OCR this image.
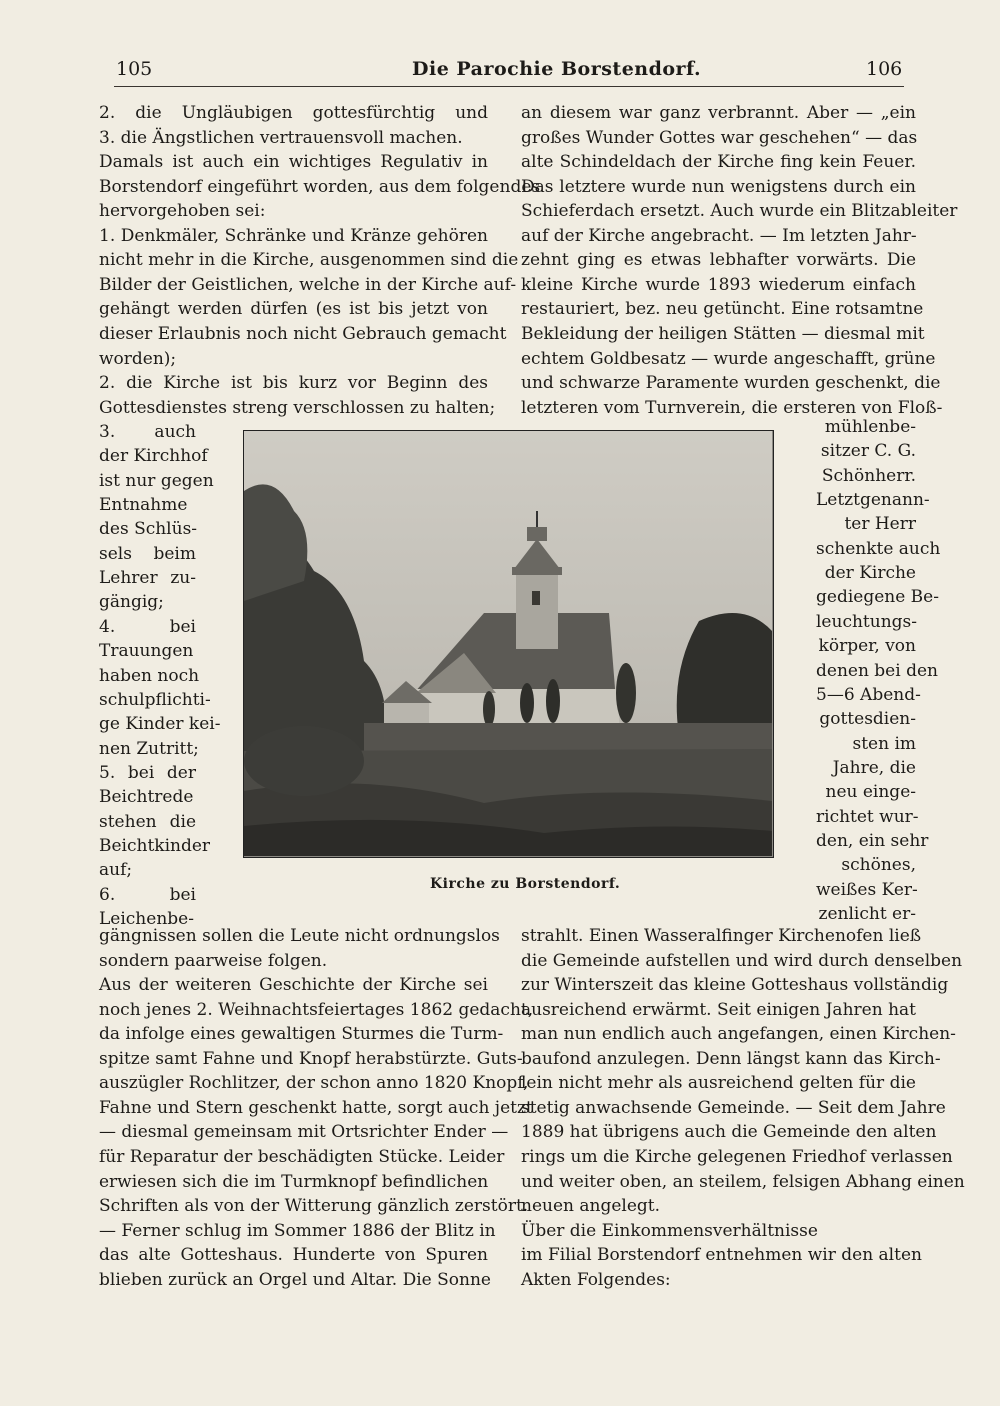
105	Die Parochie Borstendorf.	106
2. die Ungläubigen gottesfürchtig und
3. die Ängstlichen vertrauensvoll machen.
Damals ist auch ein wichtiges Regulativ in
Borstendorf eingeführt worden, aus dem folgendes
hervorgehoben sei:
1. Denkmäler, Schränke und Kränze gehören
nicht mehr in die Kirche, ausgenommen sind die
Bilder der Geistlichen, welche in der Kirche auf-
gehängt werden dürfen (es ist bis jetzt von
dieser Erlaubnis noch nicht Gebrauch gemacht
worden);
2. die Kirche ist bis kurz vor Beginn des
Gottesdienstes streng verschlossen zu halten;
3. auch
der Kirchhof
ist nur gegen
Entnahme
des Schlüs-
sels beim
Lehrer zu-
gängig;
4. bei
Trauungen
haben noch
schulpflichti-
ge Kinder kei-
nen Zutritt;
5. bei der
Beichtrede
stehen die
Beichtkinder
auf;
6. bei
Leichenbe-
gängnissen sollen die Leute nicht ordnungslos
sondern paarweise folgen.
Aus der weiteren Geschichte der Kirche sei
noch jenes 2. Weihnachtsfeiertages 1862 gedacht,
da infolge eines gewaltigen Sturmes die Turm-
spitze samt Fahne und Knopf herabstürzte. Guts-
auszügler Rochlitzer, der schon anno 1820 Knopf,
Fahne und Stern geschenkt hatte, sorgt auch jetzt
— diesmal gemeinsam mit Ortsrichter Ender —
für Reparatur der beschädigten Stücke. Leider
erwiesen sich die im Turmknopf befindlichen
Schriften als von der Witterung gänzlich zerstört.
— Ferner schlug im Sommer 1886 der Blitz in
das alte Gotteshaus. Hunderte von Spuren
blieben zurück an Orgel und Altar. Die Sonne
an diesem war ganz verbrannt. Aber — „ein
großes Wunder Gottes war geschehen“ — das
alte Schindeldach der Kirche fing kein Feuer.
Das letztere wurde nun wenigstens durch ein
Schieferdach ersetzt. Auch wurde ein Blitzableiter
auf der Kirche angebracht. — Im letzten Jahr-
zehnt ging es etwas lebhafter vorwärts. Die
kleine Kirche wurde 1893 wiederum einfach
restauriert, bez. neu getüncht. Eine rotsamtne
Bekleidung der heiligen Stätten — diesmal mit
echtem Goldbesatz — wurde angeschafft, grüne
und schwarze Paramente wurden geschenkt, die
letzteren vom Turnverein, die ersteren von Floß-
mühlenbe-
sitzer C. G.
Schönherr.
Letztgenann-
ter Herr
schenkte auch
der Kirche
gediegene Be-
leuchtungs-
körper, von
denen bei den
5—6 Abend-
gottesdien-
sten im
Jahre, die
neu einge-
richtet wur-
den, ein sehr
schönes,
weißes Ker-
zenlicht er-
strahlt. Einen Wasseralfinger Kirchenofen ließ
die Gemeinde aufstellen und wird durch denselben
zur Winterszeit das kleine Gotteshaus vollständig
ausreichend erwärmt. Seit einigen Jahren hat
man nun endlich auch angefangen, einen Kirchen-
baufond anzulegen. Denn längst kann das Kirch-
lein nicht mehr als ausreichend gelten für die
stetig anwachsende Gemeinde. — Seit dem Jahre
1889 hat übrigens auch die Gemeinde den alten
rings um die Kirche gelegenen Friedhof verlassen
und weiter oben, an steilem, felsigen Abhang einen
neuen angelegt.
Über die Einkommensverhältnisse
im Filial Borstendorf entnehmen wir den alten
Akten Folgendes:
Kirche zu Borstendorf.
